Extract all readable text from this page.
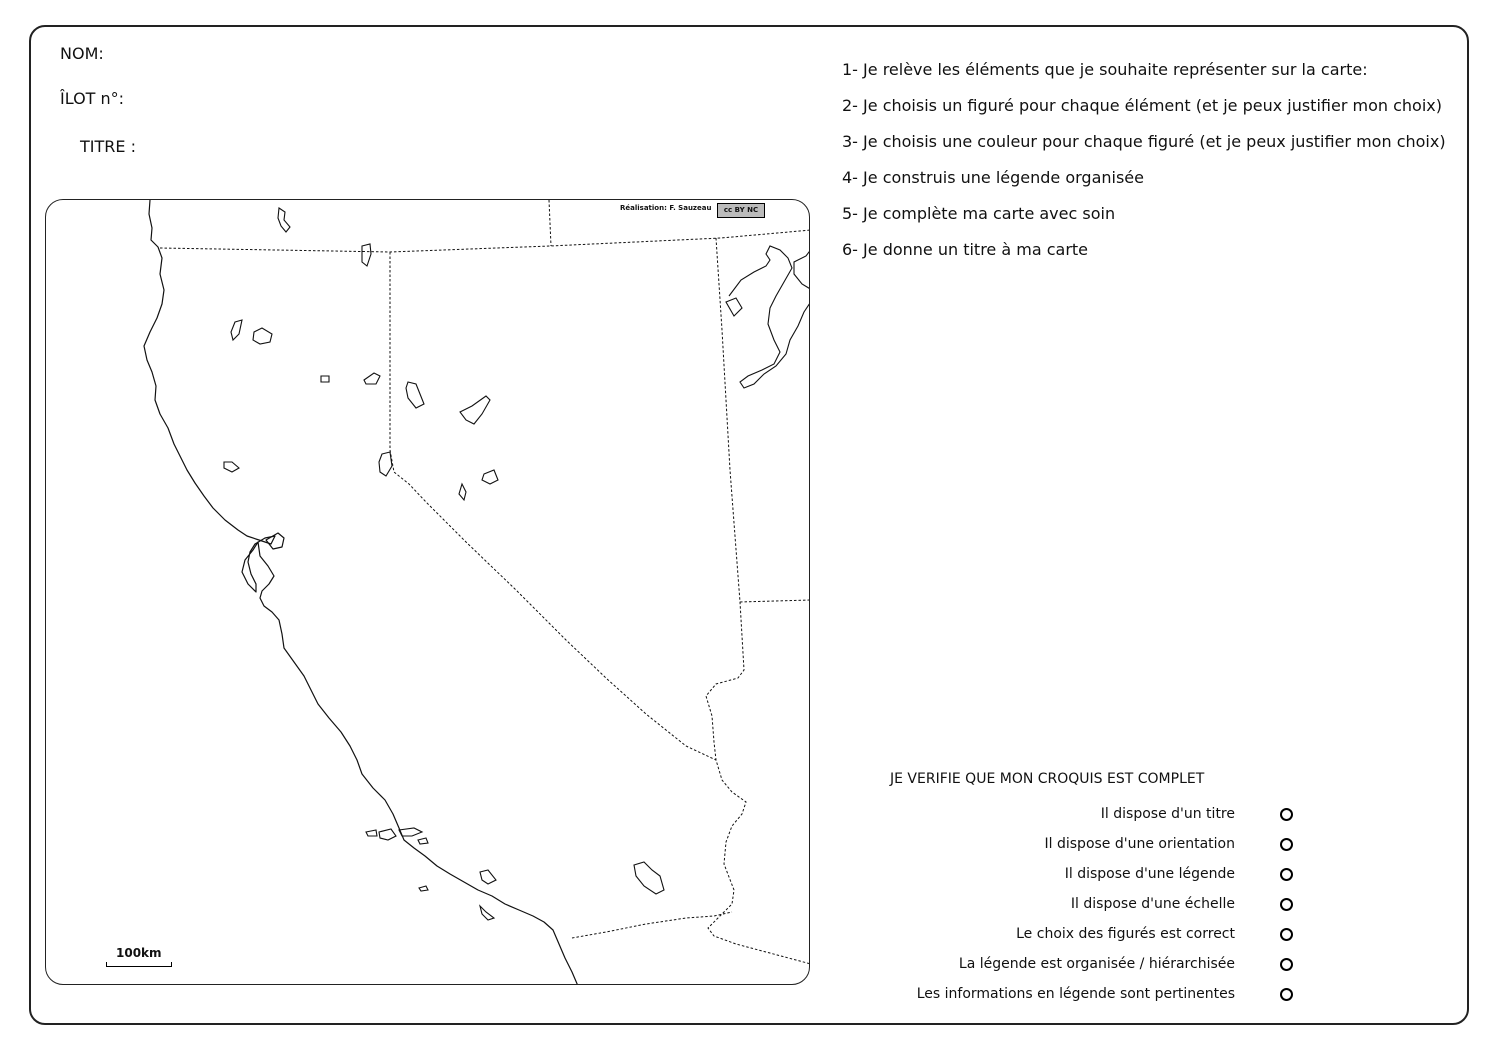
NOM:
ÎLOT n°:
TITRE :
Réalisation: F. Sauzeau	cc BY NC
100km
1- Je relève les éléments que je souhaite représenter sur la carte:
2- Je choisis un figuré pour chaque élément (et je peux justifier mon choix)
3- Je choisis une couleur pour chaque figuré (et je peux justifier mon choix)
4- Je construis une légende organisée
5- Je complète ma carte avec soin
6- Je donne un titre à ma carte
JE VERIFIE QUE MON CROQUIS EST COMPLET
Il dispose d'un titre
Il dispose d'une orientation
Il dispose d'une légende
Il dispose d'une échelle
Le choix des figurés est correct
La légende est organisée / hiérarchisée
Les informations en légende sont pertinentes
